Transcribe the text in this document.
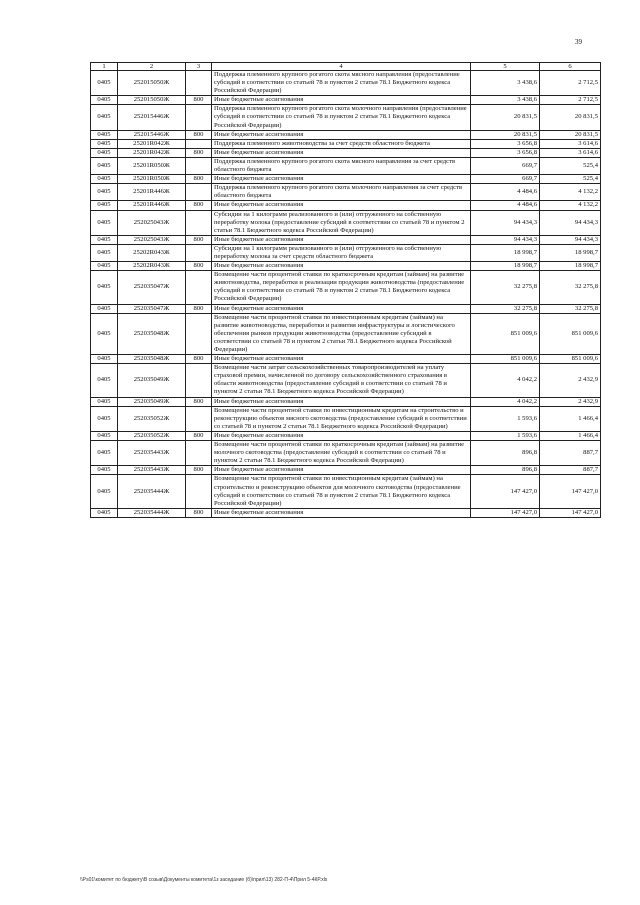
39
1	2	3	4	5	6
0405	252015050Ж		Поддержка племенного крупного рогатого скота мясного направления (предоставление субсидий в соответствии со статьей 78 и пунктом 2 статьи 78.1 Бюджетного кодекса Российской Федерации)	3 438,6	2 712,5
0405	252015050Ж	800	Иные бюджетные ассигнования	3 438,6	2 712,5
0405	252015446Ж		Поддержка племенного крупного рогатого скота молочного направления (предоставление субсидий в соответствии со статьей 78 и пунктом 2 статьи 78.1 Бюджетного кодекса Российской Федерации)	20 831,5	20 831,5
0405	252015446Ж	800	Иные бюджетные ассигнования	20 831,5	20 831,5
0405	25201R042Ж		Поддержка племенного животноводства за счет средств областного бюджета	3 656,8	3 614,6
0405	25201R042Ж	800	Иные бюджетные ассигнования	3 656,8	3 614,6
0405	25201R050Ж		Поддержка племенного крупного рогатого скота мясного направления за счет средств областного бюджета	669,7	525,4
0405	25201R050Ж	800	Иные бюджетные ассигнования	669,7	525,4
0405	25201R446Ж		Поддержка племенного крупного рогатого скота молочного направления за счет средств областного бюджета	4 484,6	4 132,2
0405	25201R446Ж	800	Иные бюджетные ассигнования	4 484,6	4 132,2
0405	252025043Ж		Субсидии на 1 килограмм реализованного и (или) отгруженного на собственную переработку молока (предоставление субсидий в соответствии со статьей 78 и пунктом 2 статьи 78.1 Бюджетного кодекса Российской Федерации)	94 434,3	94 434,3
0405	252025043Ж	800	Иные бюджетные ассигнования	94 434,3	94 434,3
0405	25202R043Ж		Субсидии на 1 килограмм реализованного и (или) отгруженного на собственную переработку молока за счет средств областного бюджета	18 998,7	18 998,7
0405	25202R043Ж	800	Иные бюджетные ассигнования	18 998,7	18 998,7
0405	252035047Ж		Возмещение части процентной ставки по краткосрочным кредитам (займам) на развитие животноводства, переработки и реализации продукции животноводства (предоставление субсидий в соответствии со статьей 78 и пунктом 2 статьи 78.1 Бюджетного кодекса Российской Федерации)	32 275,8	32 275,8
0405	252035047Ж	800	Иные бюджетные ассигнования	32 275,8	32 275,8
0405	252035048Ж		Возмещение части процентной ставки по инвестиционным кредитам (займам) на развитие животноводства, переработки и развития инфраструктуры и логистического обеспечения рынков продукции животноводства (предоставление субсидий в соответствии со статьей 78 и пунктом 2 статьи 78.1 Бюджетного кодекса Российской Федерации)	851 009,6	851 009,6
0405	252035048Ж	800	Иные бюджетные ассигнования	851 009,6	851 009,6
0405	252035049Ж		Возмещение части затрат сельскохозяйственных товаропроизводителей на уплату страховой премии, начисленной по договору сельскохозяйственного страхования в области животноводства (предоставление субсидий в соответствии со статьей 78 и пунктом 2 статьи 78.1 Бюджетного кодекса Российской Федерации)	4 042,2	2 432,9
0405	252035049Ж	800	Иные бюджетные ассигнования	4 042,2	2 432,9
0405	252035052Ж		Возмещение части процентной ставки по инвестиционным кредитам на строительство и реконструкцию объектов мясного скотоводства (предоставление субсидий в соответствии со статьей 78 и пунктом 2 статьи 78.1 Бюджетного кодекса Российской Федерации)	1 593,6	1 466,4
0405	252035052Ж	800	Иные бюджетные ассигнования	1 593,6	1 466,4
0405	252035443Ж		Возмещение части процентной ставки по краткосрочным кредитам (займам) на развитие молочного скотоводства (предоставление субсидий в соответствии со статьей 78 и пунктом 2 статьи 78.1 Бюджетного кодекса Российской Федерации)	896,8	887,7
0405	252035443Ж	800	Иные бюджетные ассигнования	896,8	887,7
0405	252035444Ж		Возмещение части процентной ставки по инвестиционным кредитам (займам) на строительство и реконструкцию объектов для молочного скотоводства (предоставление субсидий в соответствии со статьей 78 и пунктом 2 статьи 78.1 Бюджетного кодекса Российской Федерации)	147 427,0	147 427,0
0405	252035444Ж	800	Иные бюджетные ассигнования	147 427,0	147 427,0
\\Ps01\комитет по бюджету\В созыв\Документы комитета\1з заседание (б)\прил\13) 282-П-4\Прил 5-4КР.xls
